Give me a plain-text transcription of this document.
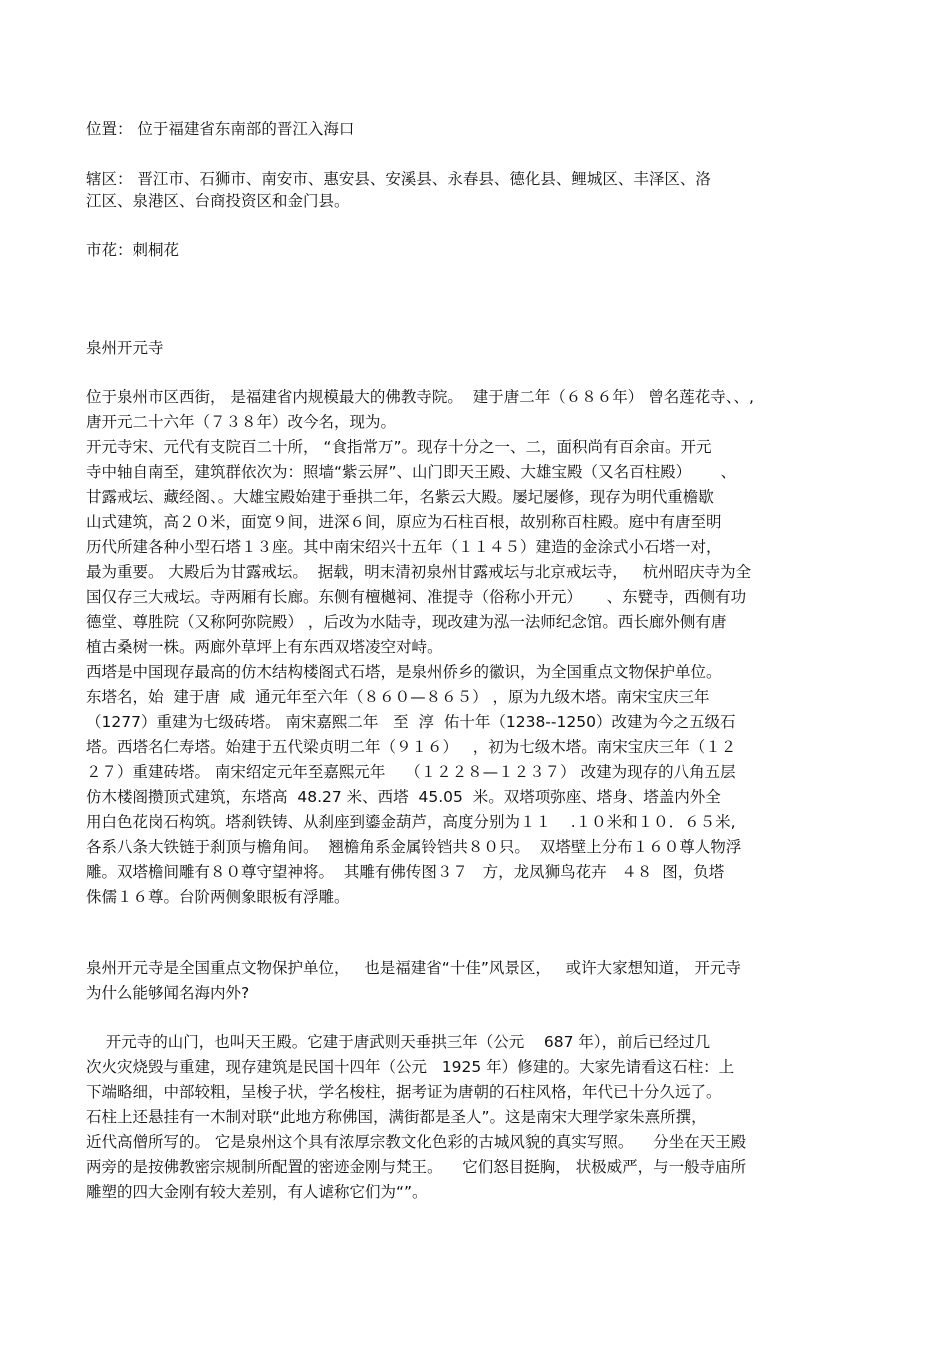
位置： 位于福建省东南部的晋江入海口
辖区： 晋江市、石狮市、南安市、惠安县、安溪县、永春县、德化县、鲤城区、丰泽区、洛
江区、泉港区、台商投资区和金门县。
市花：刺桐花
泉州开元寺
位于泉州市区西街， 是福建省内规模最大的佛教寺院。  建于唐二年（６８６年） 曾名莲花寺、、,
唐开元二十六年（７３８年）改今名，现为。
开元寺宋、元代有支院百二十所， “食指常万”。现存十分之一、二，面积尚有百余亩。开元
寺中轴自南至，建筑群依次为：照墙“紫云屏”、山门即天王殿、大雄宝殿（又名百柱殿）      、
甘露戒坛、藏经阁、。大雄宝殿始建于垂拱二年，名紫云大殿。屡圮屡修，现存为明代重檐歇
山式建筑，高２０米，面宽９间，进深６间，原应为石柱百根，故别称百柱殿。庭中有唐至明
历代所建各种小型石塔１３座。其中南宋绍兴十五年（１１４５）建造的金涂式小石塔一对，
最为重要。 大殿后为甘露戒坛。  据载，明末清初泉州甘露戒坛与北京戒坛寺，   杭州昭庆寺为全
国仅存三大戒坛。寺两厢有长廊。东侧有檀樾祠、准提寺（俗称小开元）     、东甓寺，西侧有功
德堂、尊胜院（又称阿弥院殿） ，后改为水陆寺，现改建为泓一法师纪念馆。西长廊外侧有唐
植古桑树一株。两廊外草坪上有东西双塔凌空对峙。
西塔是中国现存最高的仿木结构楼阁式石塔，是泉州侨乡的徽识，为全国重点文物保护单位。
东塔名，始  建于唐  咸  通元年至六年（８６０—８６５） ，原为九级木塔。南宋宝庆三年
（1277）重建为七级砖塔。 南宋嘉熙二年   至  淳  佑十年（1238--1250）改建为今之五级石
塔。西塔名仁寿塔。始建于五代梁贞明二年（９１６）   ，初为七级木塔。南宋宝庆三年（１２
２７）重建砖塔。 南宋绍定元年至嘉熙元年    （１２２８—１２３７） 改建为现存的八角五层
仿木楼阁攒顶式建筑，东塔高  48.27 米、西塔  45.05  米。双塔项弥座、塔身、塔盖内外全
用白色花岗石构筑。塔刹铁铸、从刹座到鎏金葫芦，高度分别为１１    .１０米和１０．６５米,
各系八条大铁链于刹顶与檐角间。  翘檐角系金属铃铛共８０只。  双塔壁上分布１６０尊人物浮
雕。双塔檐间雕有８０尊守望神将。  其雕有佛传图３７   方，龙凤狮鸟花卉   ４８  图，负塔
侏儒１６尊。台阶两侧象眼板有浮雕。
泉州开元寺是全国重点文物保护单位，   也是福建省“十佳”风景区，   或许大家想知道， 开元寺
为什么能够闻名海内外?
开元寺的山门，也叫天王殿。它建于唐武则天垂拱三年（公元    687 年），前后已经过几
次火灾烧毁与重建，现存建筑是民国十四年（公元   1925 年）修建的。大家先请看这石柱：上
下端略细，中部较粗，呈梭子状，学名梭柱，据考证为唐朝的石柱风格，年代已十分久远了。
石柱上还悬挂有一木制对联“此地方称佛国，满街都是圣人”。这是南宋大理学家朱熹所撰，
近代高僧所写的。 它是泉州这个具有浓厚宗教文化色彩的古城风貌的真实写照。    分坐在天王殿
两旁的是按佛教密宗规制所配置的密迹金刚与梵王。    它们怒目挺胸， 状极威严，与一般寺庙所
雕塑的四大金刚有较大差别，有人谑称它们为“”。
